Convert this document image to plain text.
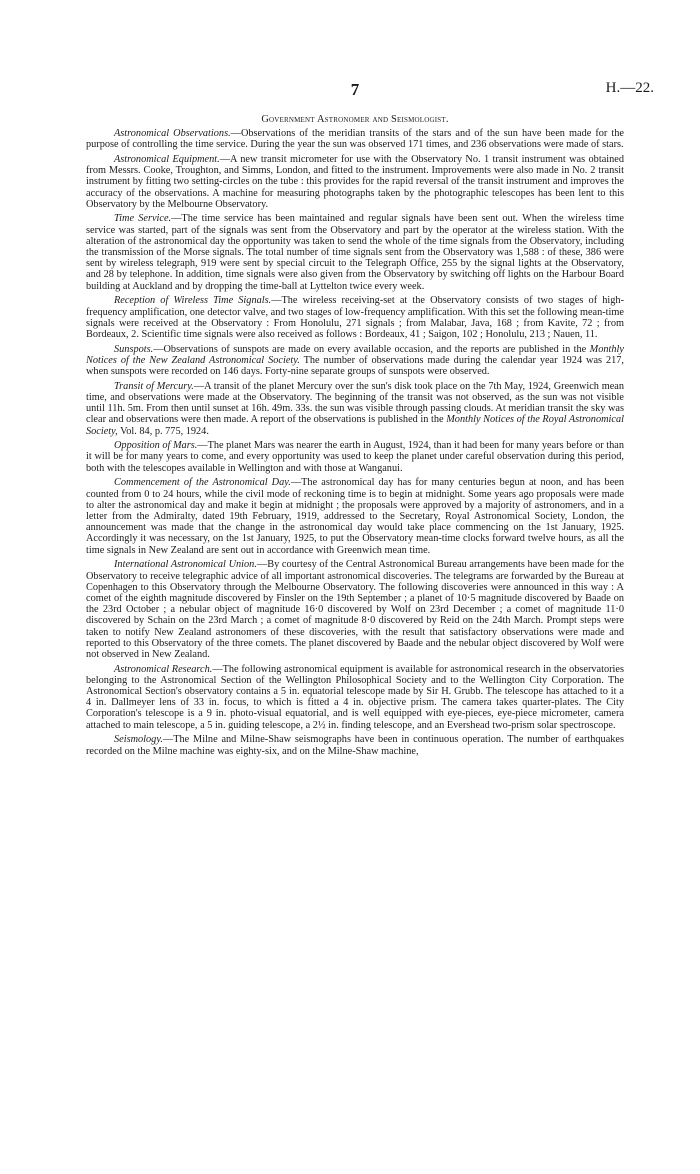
7	H.—22.
Government Astronomer and Seismologist.

Astronomical Observations.—Observations of the meridian transits of the stars and of the sun have been made for the purpose of controlling the time service. During the year the sun was observed 171 times, and 236 observations were made of stars.

Astronomical Equipment.—A new transit micrometer for use with the Observatory No. 1 transit instrument was obtained from Messrs. Cooke, Troughton, and Simms, London, and fitted to the instrument. Improvements were also made in No. 2 transit instrument by fitting two setting-circles on the tube : this provides for the rapid reversal of the transit instrument and improves the accuracy of the observations. A machine for measuring photographs taken by the photographic telescopes has been lent to this Observatory by the Melbourne Observatory.

Time Service.—The time service has been maintained and regular signals have been sent out. When the wireless time service was started, part of the signals was sent from the Observatory and part by the operator at the wireless station. With the alteration of the astronomical day the opportunity was taken to send the whole of the time signals from the Observatory, including the transmission of the Morse signals. The total number of time signals sent from the Observatory was 1,588 : of these, 386 were sent by wireless telegraph, 919 were sent by special circuit to the Telegraph Office, 255 by the signal lights at the Observatory, and 28 by telephone. In addition, time signals were also given from the Observatory by switching off lights on the Harbour Board building at Auckland and by dropping the time-ball at Lyttelton twice every week.

Reception of Wireless Time Signals.—The wireless receiving-set at the Observatory consists of two stages of high-frequency amplification, one detector valve, and two stages of low-frequency amplification. With this set the following mean-time signals were received at the Observatory : From Honolulu, 271 signals ; from Malabar, Java, 168 ; from Kavite, 72 ; from Bordeaux, 2. Scientific time signals were also received as follows : Bordeaux, 41 ; Saigon, 102 ; Honolulu, 213 ; Nauen, 11.

Sunspots.—Observations of sunspots are made on every available occasion, and the reports are published in the Monthly Notices of the New Zealand Astronomical Society. The number of observations made during the calendar year 1924 was 217, when sunspots were recorded on 146 days. Forty-nine separate groups of sunspots were observed.

Transit of Mercury.—A transit of the planet Mercury over the sun's disk took place on the 7th May, 1924, Greenwich mean time, and observations were made at the Observatory. The beginning of the transit was not observed, as the sun was not visible until 11h. 5m. From then until sunset at 16h. 49m. 33s. the sun was visible through passing clouds. At meridian transit the sky was clear and observations were then made. A report of the observations is published in the Monthly Notices of the Royal Astronomical Society, Vol. 84, p. 775, 1924.

Opposition of Mars.—The planet Mars was nearer the earth in August, 1924, than it had been for many years before or than it will be for many years to come, and every opportunity was used to keep the planet under careful observation during this period, both with the telescopes available in Wellington and with those at Wanganui.

Commencement of the Astronomical Day.—The astronomical day has for many centuries begun at noon, and has been counted from 0 to 24 hours, while the civil mode of reckoning time is to begin at midnight. Some years ago proposals were made to alter the astronomical day and make it begin at midnight ; the proposals were approved by a majority of astronomers, and in a letter from the Admiralty, dated 19th February, 1919, addressed to the Secretary, Royal Astronomical Society, London, the announcement was made that the change in the astronomical day would take place commencing on the 1st January, 1925. Accordingly it was necessary, on the 1st January, 1925, to put the Observatory mean-time clocks forward twelve hours, as all the time signals in New Zealand are sent out in accordance with Greenwich mean time.

International Astronomical Union.—By courtesy of the Central Astronomical Bureau arrangements have been made for the Observatory to receive telegraphic advice of all important astronomical discoveries. The telegrams are forwarded by the Bureau at Copenhagen to this Observatory through the Melbourne Observatory. The following discoveries were announced in this way : A comet of the eighth magnitude discovered by Finsler on the 19th September ; a planet of 10·5 magnitude discovered by Baade on the 23rd October ; a nebular object of magnitude 16·0 discovered by Wolf on 23rd December ; a comet of magnitude 11·0 discovered by Schain on the 23rd March ; a comet of magnitude 8·0 discovered by Reid on the 24th March. Prompt steps were taken to notify New Zealand astronomers of these discoveries, with the result that satisfactory observations were made and reported to this Observatory of the three comets. The planet discovered by Baade and the nebular object discovered by Wolf were not observed in New Zealand.

Astronomical Research.—The following astronomical equipment is available for astronomical research in the observatories belonging to the Astronomical Section of the Wellington Philosophical Society and to the Wellington City Corporation. The Astronomical Section's observatory contains a 5 in. equatorial telescope made by Sir H. Grubb. The telescope has attached to it a 4 in. Dallmeyer lens of 33 in. focus, to which is fitted a 4 in. objective prism. The camera takes quarter-plates. The City Corporation's telescope is a 9 in. photo-visual equatorial, and is well equipped with eye-pieces, eye-piece micrometer, camera attached to main telescope, a 5 in. guiding telescope, a 2½ in. finding telescope, and an Evershead two-prism solar spectroscope.

Seismology.—The Milne and Milne-Shaw seismographs have been in continuous operation. The number of earthquakes recorded on the Milne machine was eighty-six, and on the Milne-Shaw machine,
